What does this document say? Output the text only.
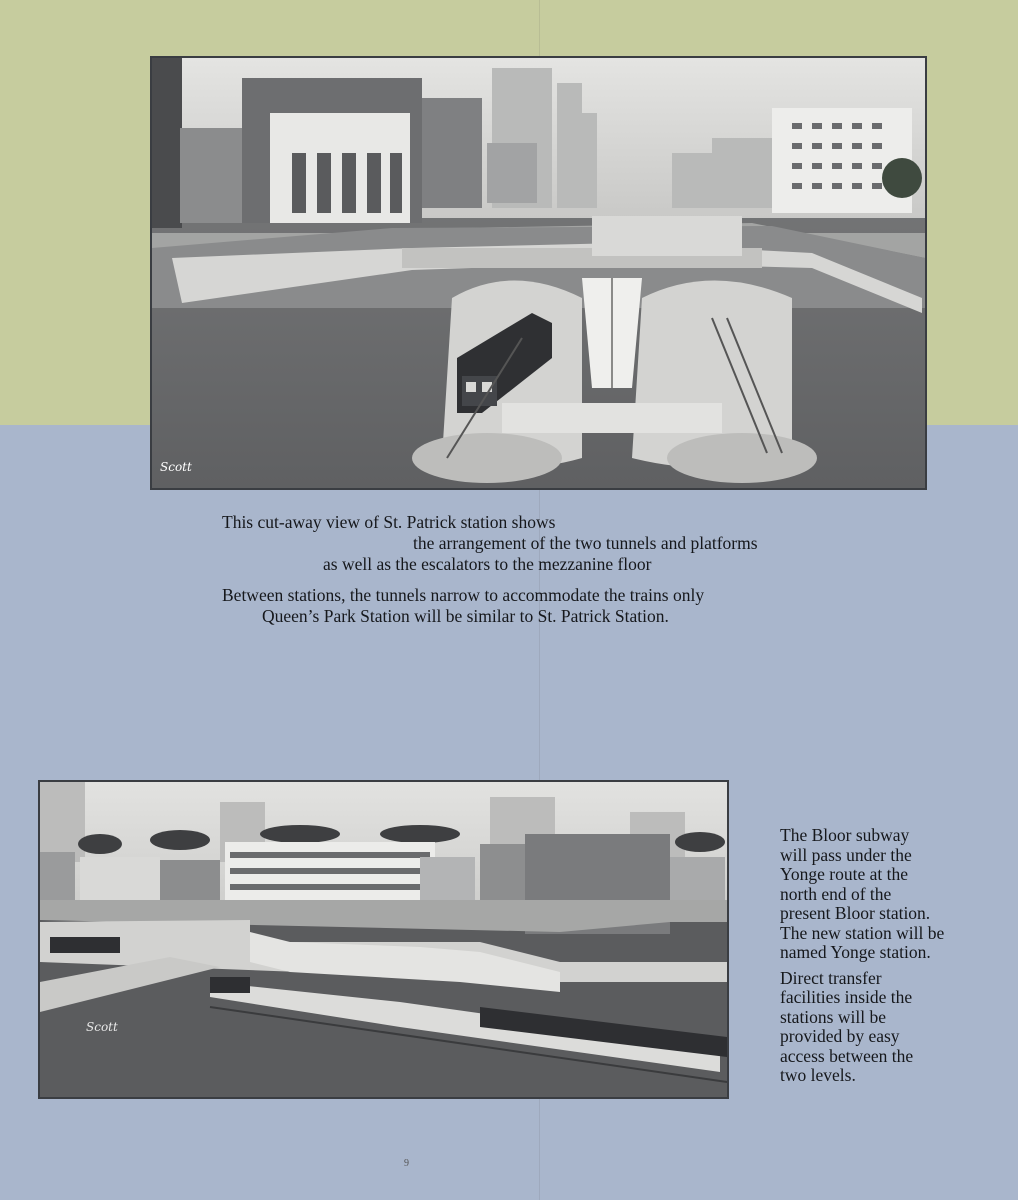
Scott
This cut-away view of St. Patrick station shows
the arrangement of the two tunnels and platforms
as well as the escalators to the mezzanine floor
Between stations, the tunnels narrow to accommodate the trains only
Queen’s Park Station will be similar to St. Patrick Station.
Scott

The Bloor subway
will pass under the
Yonge route at the
north end of the
present Bloor station.
The new station will be
named Yonge station.

Direct transfer
facilities inside the
stations will be
provided by easy
access between the
two levels.

9
